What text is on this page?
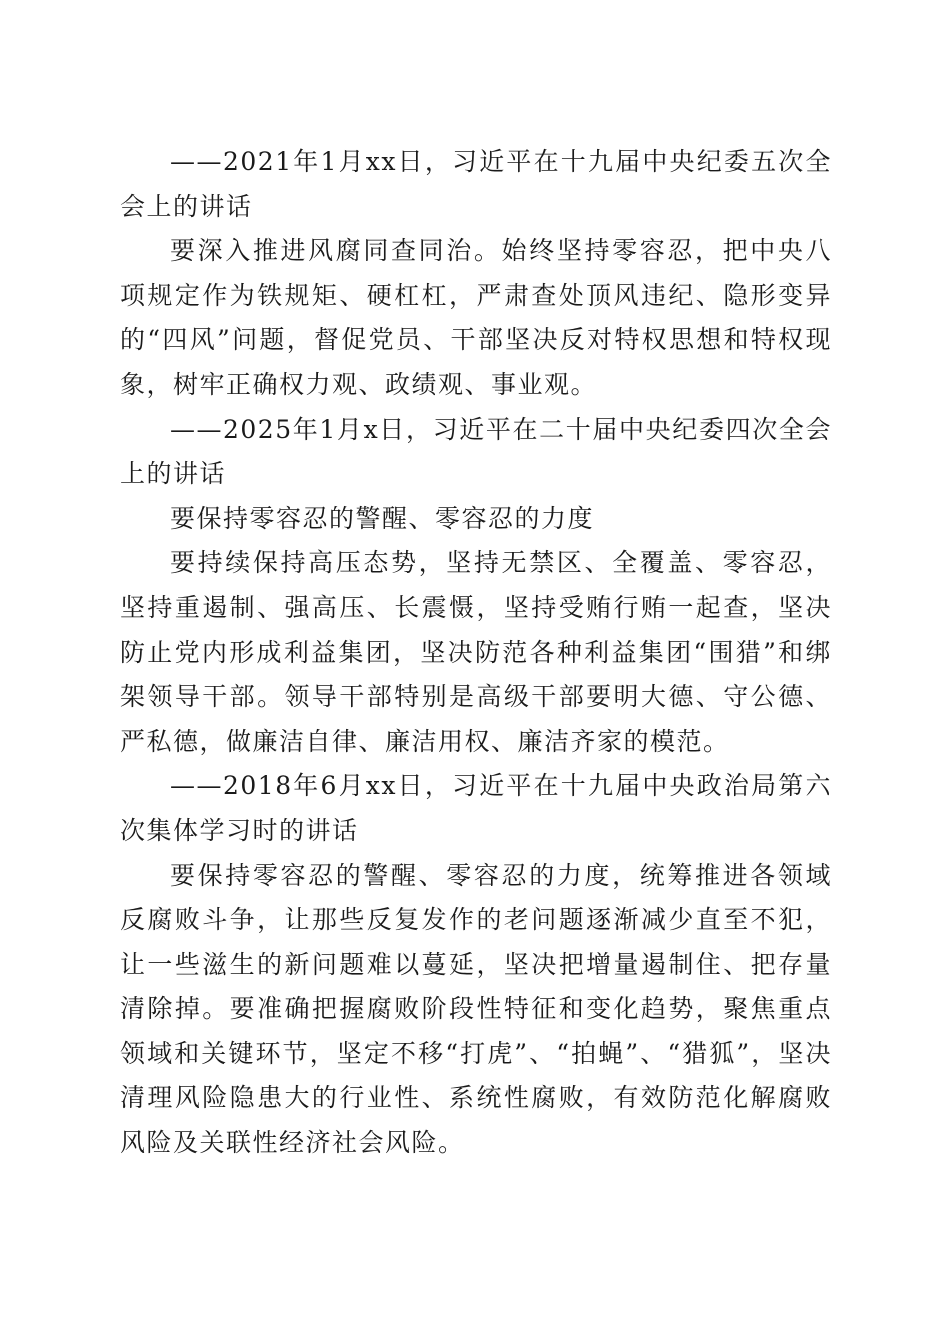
——2021年1月xx日，习近平在十九届中央纪委五次全会上的讲话

要深入推进风腐同查同治。始终坚持零容忍，把中央八项规定作为铁规矩、硬杠杠，严肃查处顶风违纪、隐形变异的“四风”问题，督促党员、干部坚决反对特权思想和特权现象，树牢正确权力观、政绩观、事业观。

——2025年1月x日，习近平在二十届中央纪委四次全会上的讲话

要保持零容忍的警醒、零容忍的力度

要持续保持高压态势，坚持无禁区、全覆盖、零容忍，坚持重遏制、强高压、长震慑，坚持受贿行贿一起查，坚决防止党内形成利益集团，坚决防范各种利益集团“围猎”和绑架领导干部。领导干部特别是高级干部要明大德、守公德、严私德，做廉洁自律、廉洁用权、廉洁齐家的模范。

——2018年6月xx日，习近平在十九届中央政治局第六次集体学习时的讲话

要保持零容忍的警醒、零容忍的力度，统筹推进各领域反腐败斗争，让那些反复发作的老问题逐渐减少直至不犯，让一些滋生的新问题难以蔓延，坚决把增量遏制住、把存量清除掉。要准确把握腐败阶段性特征和变化趋势，聚焦重点领域和关键环节，坚定不移“打虎”、“拍蝇”、“猎狐”，坚决清理风险隐患大的行业性、系统性腐败，有效防范化解腐败风险及关联性经济社会风险。
